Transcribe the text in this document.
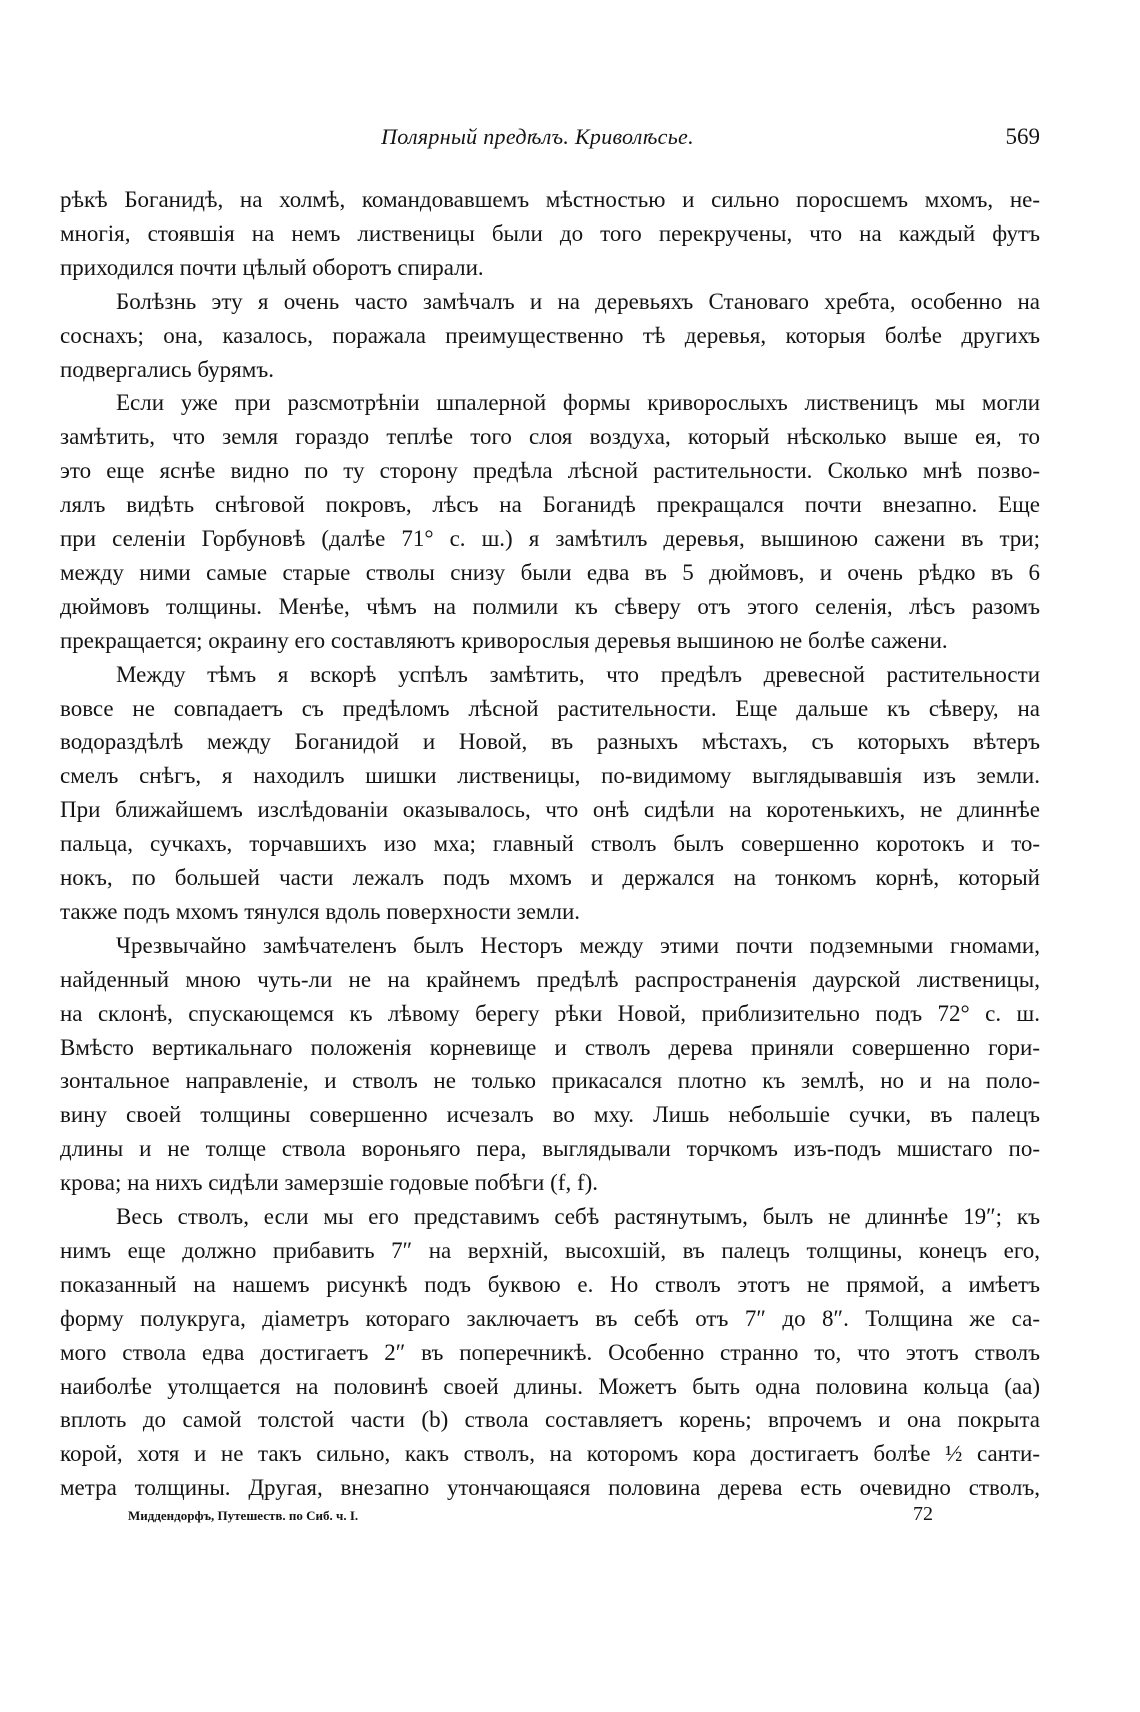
Полярный предѣлъ. Криволѣсье.	569
рѣкѣ Боганидѣ, на холмѣ, командовавшемъ мѣстностью и сильно поросшемъ мхомъ, не-
многія, стоявшія на немъ лиственицы были до того перекручены, что на каждый футъ
приходился почти цѣлый оборотъ спирали.
Болѣзнь эту я очень часто замѣчалъ и на деревьяхъ Становаго хребта, особенно на
соснахъ; она, казалось, поражала преимущественно тѣ деревья, которыя болѣе другихъ
подвергались бурямъ.
Если уже при разсмотрѣніи шпалерной формы криворослыхъ лиственицъ мы могли
замѣтить, что земля гораздо теплѣе того слоя воздуха, который нѣсколько выше ея, то
это еще яснѣе видно по ту сторону предѣла лѣсной растительности. Сколько мнѣ позво-
лялъ видѣть снѣговой покровъ, лѣсъ на Боганидѣ прекращался почти внезапно. Еще
при селеніи Горбуновѣ (далѣе 71° с. ш.) я замѣтилъ деревья, вышиною сажени въ три;
между ними самые старые стволы снизу были едва въ 5 дюймовъ, и очень рѣдко въ 6
дюймовъ толщины. Менѣе, чѣмъ на полмили къ сѣверу отъ этого селенія, лѣсъ разомъ
прекращается; окраину его составляютъ криворослыя деревья вышиною не болѣе сажени.
Между тѣмъ я вскорѣ успѣлъ замѣтить, что предѣлъ древесной растительности
вовсе не совпадаетъ съ предѣломъ лѣсной растительности. Еще дальше къ сѣверу, на
водораздѣлѣ между Боганидой и Новой, въ разныхъ мѣстахъ, съ которыхъ вѣтеръ
смелъ снѣгъ, я находилъ шишки лиственицы, по-видимому выглядывавшія изъ земли.
При ближайшемъ изслѣдованіи оказывалось, что онѣ сидѣли на коротенькихъ, не длиннѣе
пальца, сучкахъ, торчавшихъ изо мха; главный стволъ былъ совершенно коротокъ и то-
нокъ, по большей части лежалъ подъ мхомъ и держался на тонкомъ корнѣ, который
также подъ мхомъ тянулся вдоль поверхности земли.
Чрезвычайно замѣчателенъ былъ Несторъ между этими почти подземными гномами,
найденный мною чуть-ли не на крайнемъ предѣлѣ распространенія даурской лиственицы,
на склонѣ, спускающемся къ лѣвому берегу рѣки Новой, приблизительно подъ 72° с. ш.
Вмѣсто вертикальнаго положенія корневище и стволъ дерева приняли совершенно гори-
зонтальное направленіе, и стволъ не только прикасался плотно къ землѣ, но и на поло-
вину своей толщины совершенно исчезалъ во мху. Лишь небольшіе сучки, въ палецъ
длины и не толще ствола вороньяго пера, выглядывали торчкомъ изъ-подъ мшистаго по-
крова; на нихъ сидѣли замерзшіе годовые побѣги (f, f).
Весь стволъ, если мы его представимъ себѣ растянутымъ, былъ не длиннѣе 19″; къ
нимъ еще должно прибавить 7″ на верхній, высохшій, въ палецъ толщины, конецъ его,
показанный на нашемъ рисункѣ подъ буквою e. Но стволъ этотъ не прямой, а имѣетъ
форму полукруга, діаметръ котораго заключаетъ въ себѣ отъ 7″ до 8″. Толщина же са-
мого ствола едва достигаетъ 2″ въ поперечникѣ. Особенно странно то, что этотъ стволъ
наиболѣе утолщается на половинѣ своей длины. Можетъ быть одна половина кольца (aa)
вплоть до самой толстой части (b) ствола составляетъ корень; впрочемъ и она покрыта
корой, хотя и не такъ сильно, какъ стволъ, на которомъ кора достигаетъ болѣе ½ санти-
метра толщины. Другая, внезапно утончающаяся половина дерева есть очевидно стволъ,
Миддендорфъ, Путешеств. по Сиб. ч. I.	72
